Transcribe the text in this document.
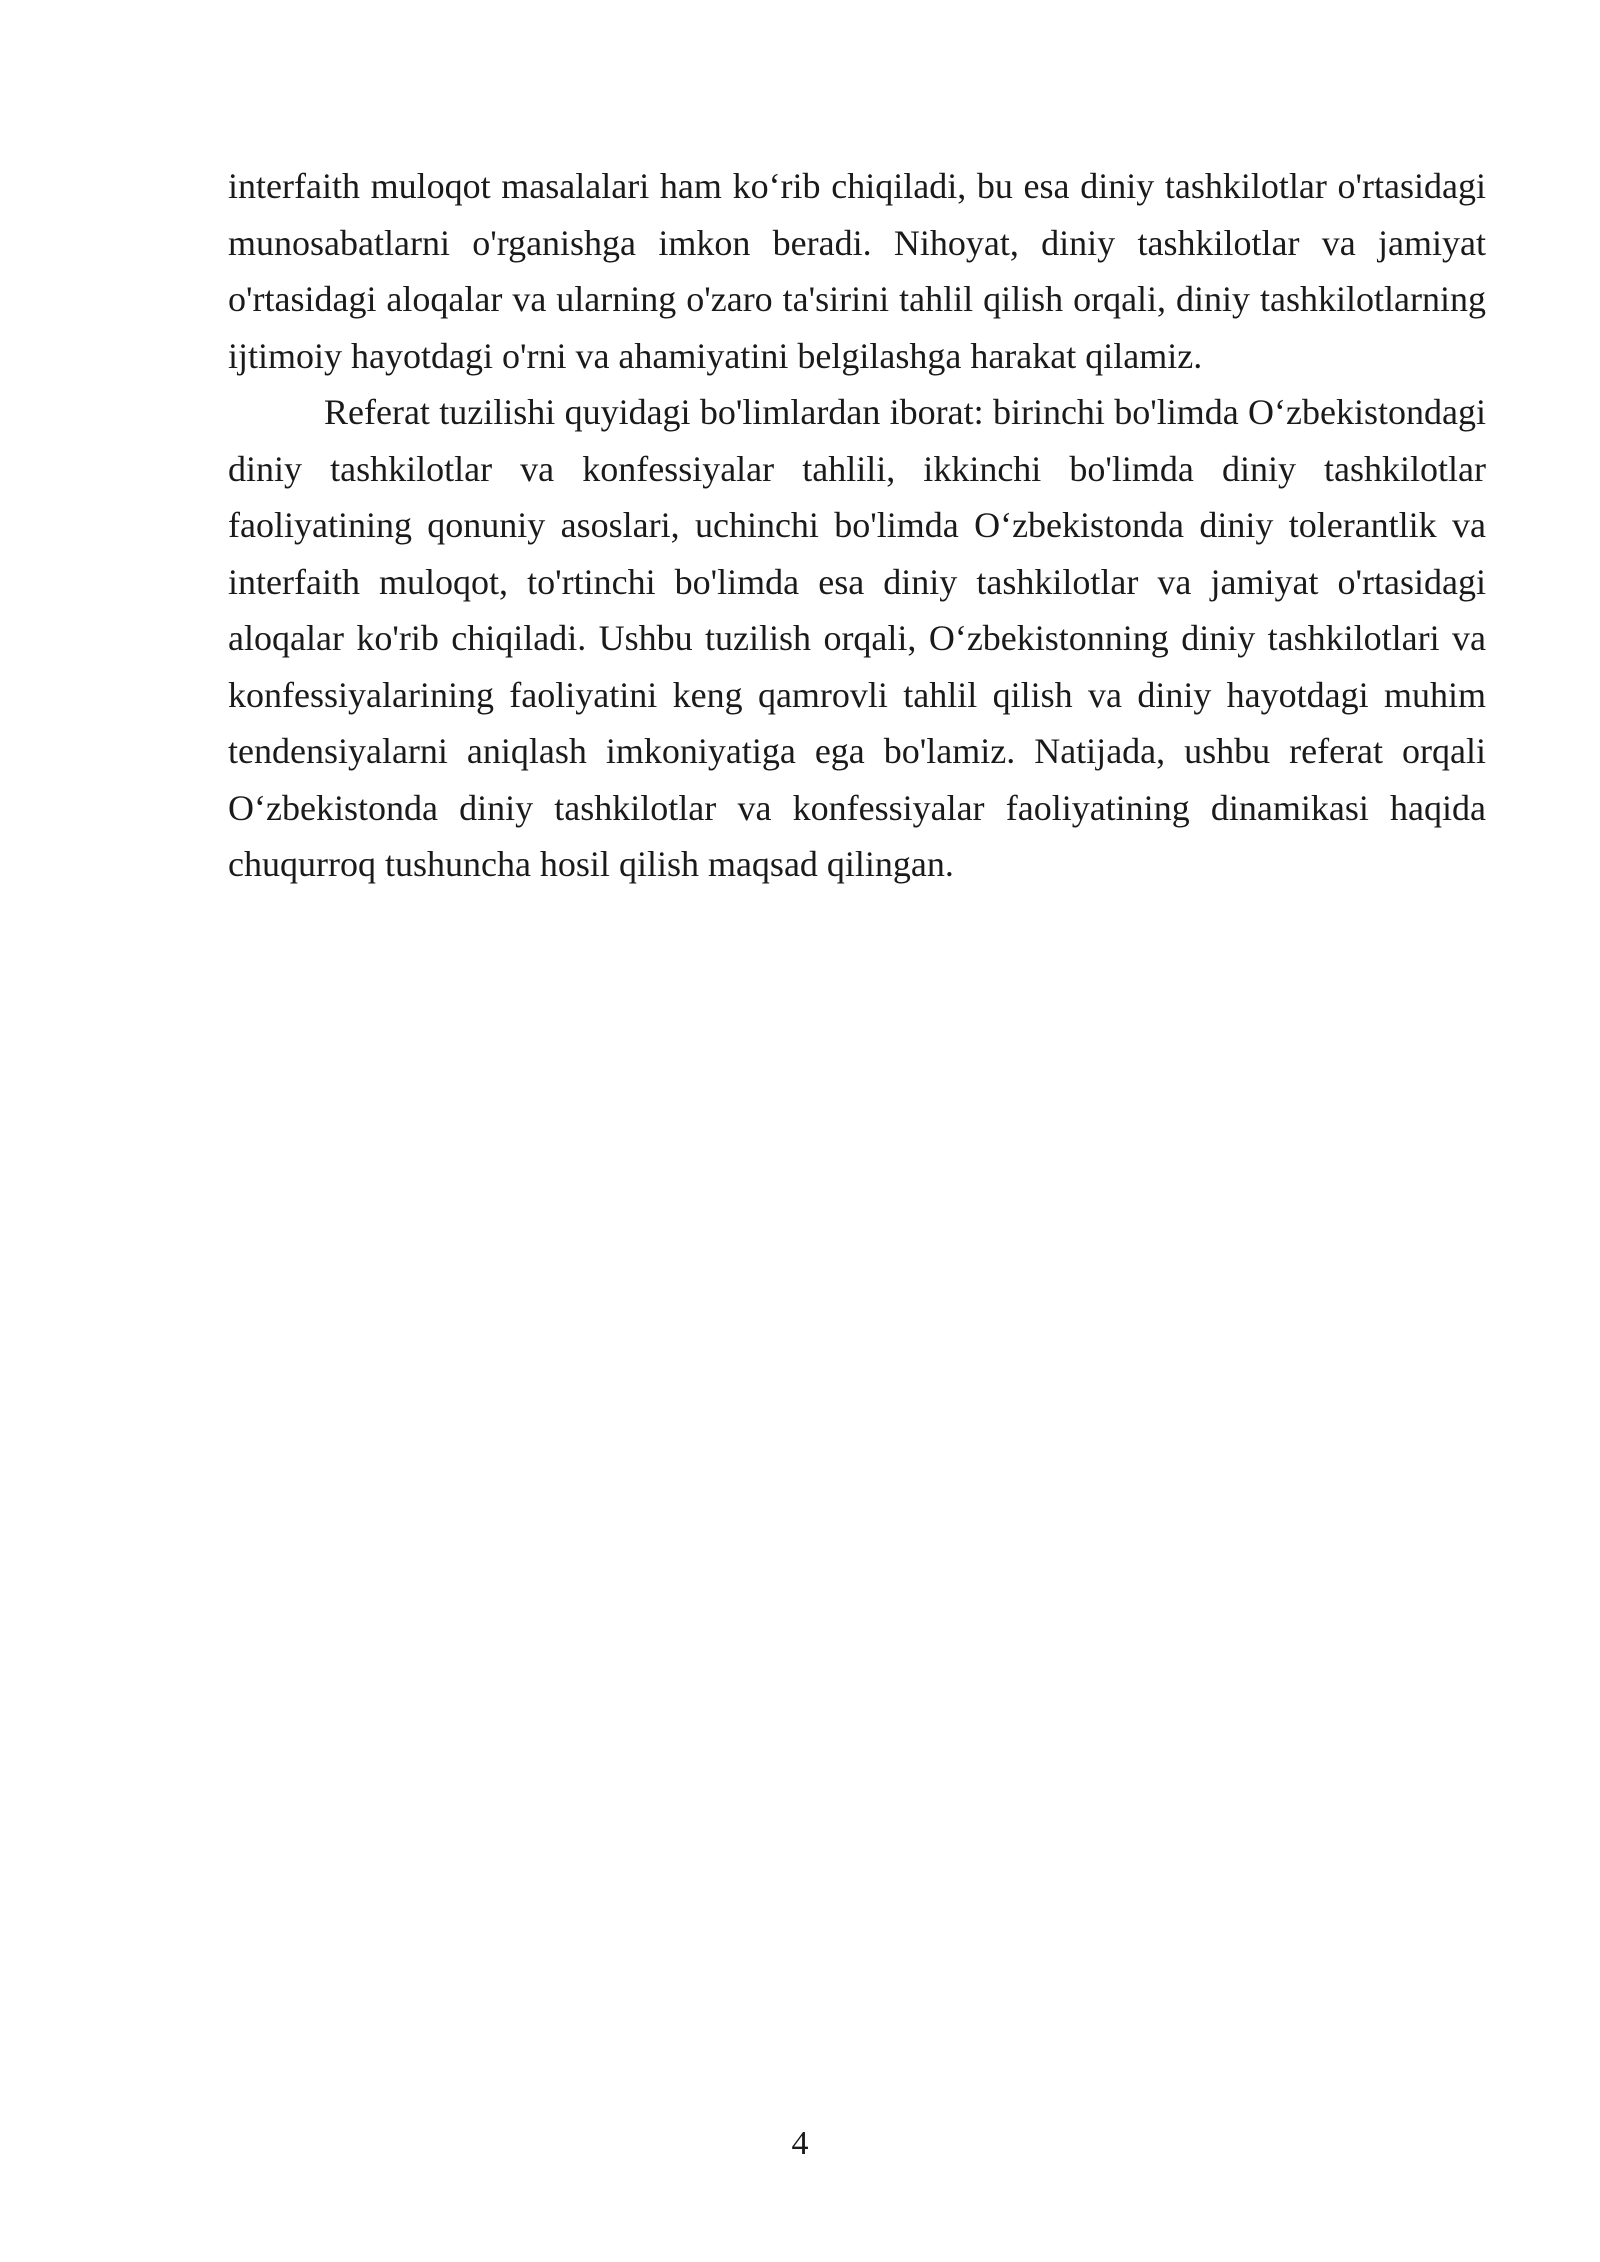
interfaith muloqot masalalari ham ko‘rib chiqiladi, bu esa diniy tashkilotlar o'rtasidagi munosabatlarni o'rganishga imkon beradi. Nihoyat, diniy tashkilotlar va jamiyat o'rtasidagi aloqalar va ularning o'zaro ta'sirini tahlil qilish orqali, diniy tashkilotlarning ijtimoiy hayotdagi o'rni va ahamiyatini belgilashga harakat qilamiz.

Referat tuzilishi quyidagi bo'limlardan iborat: birinchi bo'limda O‘zbekistondagi diniy tashkilotlar va konfessiyalar tahlili, ikkinchi bo'limda diniy tashkilotlar faoliyatining qonuniy asoslari, uchinchi bo'limda O‘zbekistonda diniy tolerantlik va interfaith muloqot, to'rtinchi bo'limda esa diniy tashkilotlar va jamiyat o'rtasidagi aloqalar ko'rib chiqiladi. Ushbu tuzilish orqali, O‘zbekistonning diniy tashkilotlari va konfessiyalarining faoliyatini keng qamrovli tahlil qilish va diniy hayotdagi muhim tendensiyalarni aniqlash imkoniyatiga ega bo'lamiz. Natijada, ushbu referat orqali O‘zbekistonda diniy tashkilotlar va konfessiyalar faoliyatining dinamikasi haqida chuqurroq tushuncha hosil qilish maqsad qilingan.

4
